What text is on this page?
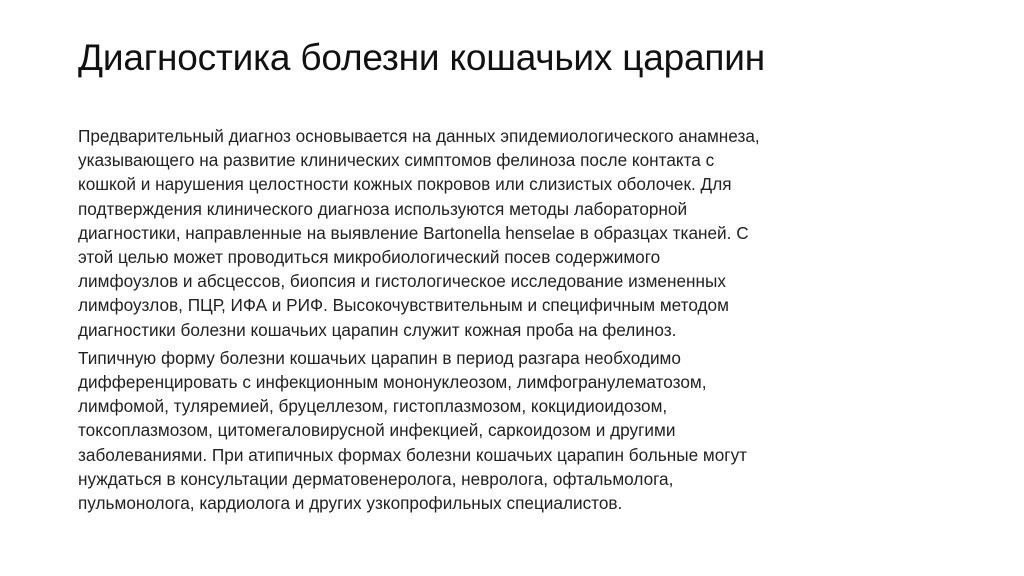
Диагностика болезни кошачьих царапин

Предварительный диагноз основывается на данных эпидемиологического анамнеза,
указывающего на развитие клинических симптомов фелиноза после контакта с
кошкой и нарушения целостности кожных покровов или слизистых оболочек. Для
подтверждения клинического диагноза используются методы лабораторной
диагностики, направленные на выявление Bartonella henselae в образцах тканей. С
этой целью может проводиться микробиологический посев содержимого
лимфоузлов и абсцессов, биопсия и гистологическое исследование измененных
лимфоузлов, ПЦР, ИФА и РИФ. Высокочувствительным и специфичным методом
диагностики болезни кошачьих царапин служит кожная проба на фелиноз.

Типичную форму болезни кошачьих царапин в период разгара необходимо
дифференцировать с инфекционным мононуклеозом, лимфогранулематозом,
лимфомой, туляремией, бруцеллезом, гистоплазмозом, кокцидиоидозом,
токсоплазмозом, цитомегаловирусной инфекцией, саркоидозом и другими
заболеваниями. При атипичных формах болезни кошачьих царапин больные могут
нуждаться в консультации дерматовенеролога, невролога, офтальмолога,
пульмонолога, кардиолога и других узкопрофильных специалистов.
